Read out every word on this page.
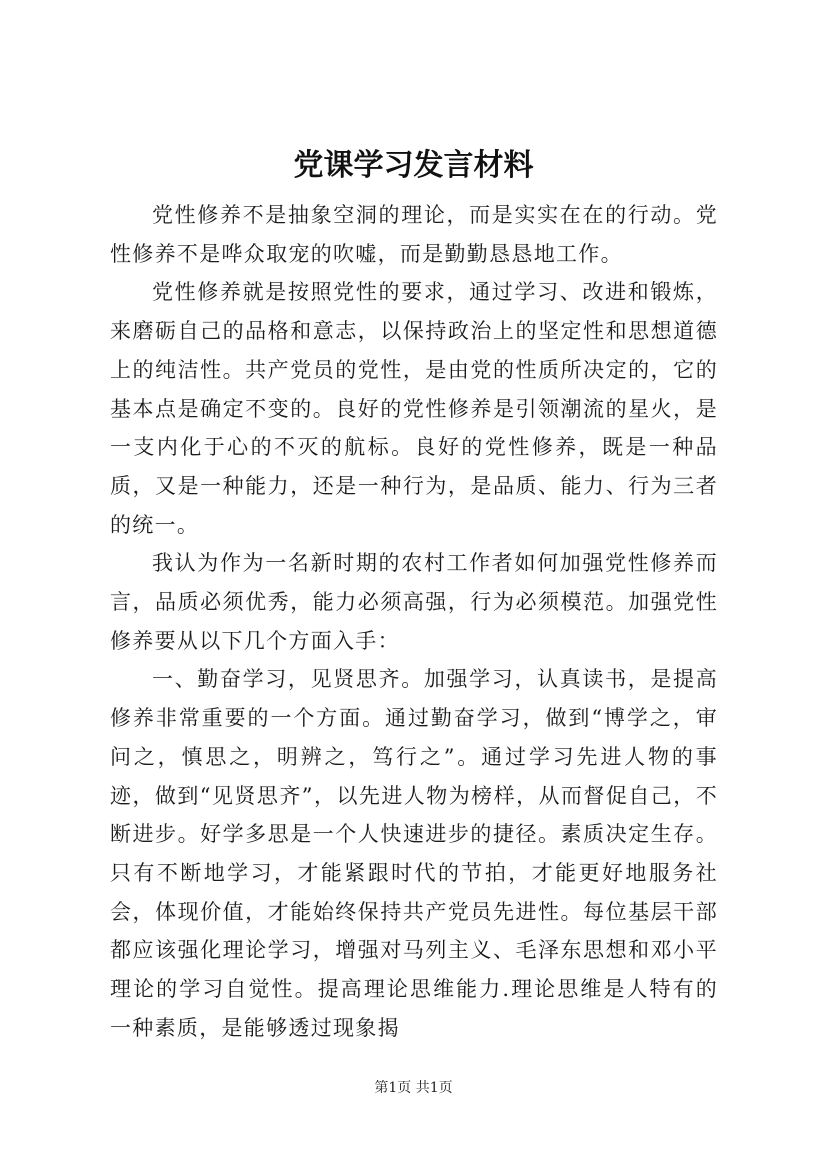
党课学习发言材料

党性修养不是抽象空洞的理论，而是实实在在的行动。党性修养不是哗众取宠的吹嘘，而是勤勤恳恳地工作。

党性修养就是按照党性的要求，通过学习、改进和锻炼，来磨砺自己的品格和意志，以保持政治上的坚定性和思想道德上的纯洁性。共产党员的党性，是由党的性质所决定的，它的基本点是确定不变的。良好的党性修养是引领潮流的星火，是一支内化于心的不灭的航标。良好的党性修养，既是一种品质，又是一种能力，还是一种行为，是品质、能力、行为三者的统一。

我认为作为一名新时期的农村工作者如何加强党性修养而言，品质必须优秀，能力必须高强，行为必须模范。加强党性修养要从以下几个方面入手：

一、勤奋学习，见贤思齐。加强学习，认真读书，是提高修养非常重要的一个方面。通过勤奋学习，做到“博学之，审问之，慎思之，明辨之，笃行之”。通过学习先进人物的事迹，做到“见贤思齐”，以先进人物为榜样，从而督促自己，不断进步。好学多思是一个人快速进步的捷径。素质决定生存。只有不断地学习，才能紧跟时代的节拍，才能更好地服务社会，体现价值，才能始终保持共产党员先进性。每位基层干部都应该强化理论学习，增强对马列主义、毛泽东思想和邓小平理论的学习自觉性。提高理论思维能力.理论思维是人特有的一种素质，是能够透过现象揭

第1页 共1页
